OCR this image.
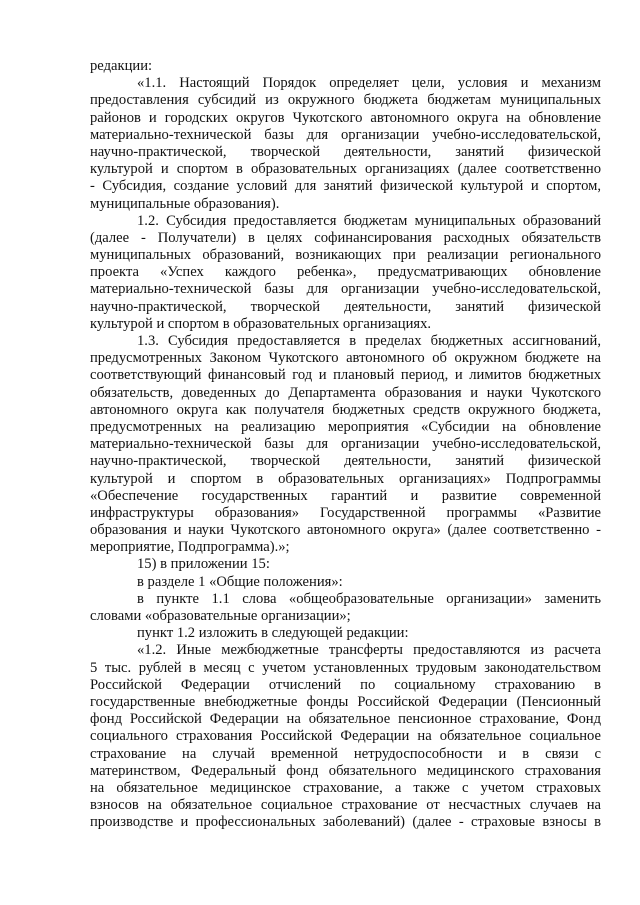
редакции:
«1.1. Настоящий Порядок определяет цели, условия и механизм
предоставления субсидий из окружного бюджета бюджетам муниципальных
районов и городских округов Чукотского автономного округа на обновление
материально-технической базы для организации учебно-исследовательской,
научно-практической, творческой деятельности, занятий физической
культурой и спортом в образовательных организациях (далее соответственно
- Субсидия, создание условий для занятий физической культурой и спортом,
муниципальные образования).
1.2. Субсидия предоставляется бюджетам муниципальных образований
(далее - Получатели) в целях софинансирования расходных обязательств
муниципальных образований, возникающих при реализации регионального
проекта «Успех каждого ребенка», предусматривающих обновление
материально-технической базы для организации учебно-исследовательской,
научно-практической, творческой деятельности, занятий физической
культурой и спортом в образовательных организациях.
1.3. Субсидия предоставляется в пределах бюджетных ассигнований,
предусмотренных Законом Чукотского автономного об окружном бюджете на
соответствующий финансовый год и плановый период, и лимитов бюджетных
обязательств, доведенных до Департамента образования и науки Чукотского
автономного округа как получателя бюджетных средств окружного бюджета,
предусмотренных на реализацию мероприятия «Субсидии на обновление
материально-технической базы для организации учебно-исследовательской,
научно-практической, творческой деятельности, занятий физической
культурой и спортом в образовательных организациях» Подпрограммы
«Обеспечение государственных гарантий и развитие современной
инфраструктуры образования» Государственной программы «Развитие
образования и науки Чукотского автономного округа» (далее соответственно -
мероприятие, Подпрограмма).»;
15) в приложении 15:
в разделе 1 «Общие положения»:
в пункте 1.1 слова «общеобразовательные организации» заменить
словами «образовательные организации»;
пункт 1.2 изложить в следующей редакции:
«1.2. Иные межбюджетные трансферты предоставляются из расчета
5 тыс. рублей в месяц с учетом установленных трудовым законодательством
Российской Федерации отчислений по социальному страхованию в
государственные внебюджетные фонды Российской Федерации (Пенсионный
фонд Российской Федерации на обязательное пенсионное страхование, Фонд
социального страхования Российской Федерации на обязательное социальное
страхование на случай временной нетрудоспособности и в связи с
материнством, Федеральный фонд обязательного медицинского страхования
на обязательное медицинское страхование, а также с учетом страховых
взносов на обязательное социальное страхование от несчастных случаев на
производстве и профессиональных заболеваний) (далее - страховые взносы в
